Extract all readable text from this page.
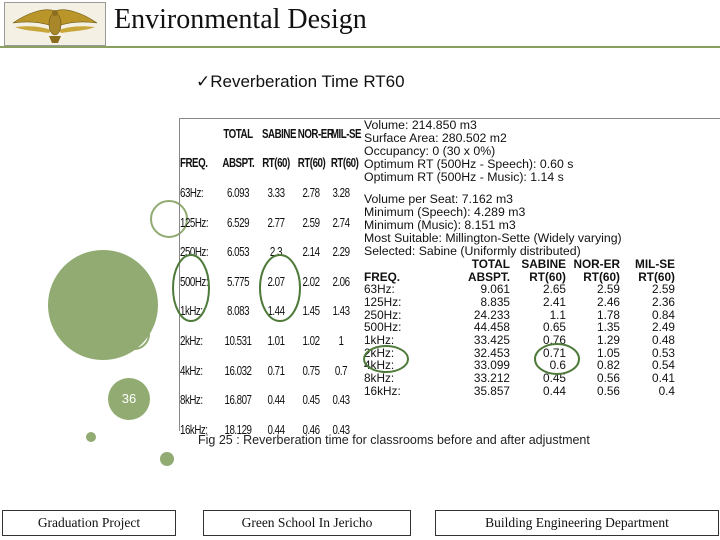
Environmental Design
✓Reverberation Time RT60
36
TOTAL SABINE NOR-ER
MIL-SE
FREQ. ABSPT. RT(60) RT(60) RT(60)
63Hz:	6.093	3.33	2.78	3.28
125Hz:	6.529	2.77	2.59	2.74
250Hz:	6.053	2.3	2.14	2.29
500Hz:	5.775	2.07	2.02	2.06
1kHz:	8.083	1.44	1.45	1.43
2kHz:	10.531	1.01	1.02	1
4kHz:	16.032	0.71	0.75	0.7
8kHz:	16.807	0.44	0.45	0.43
16kHz: 18.129	0.44	0.46	0.43
Volume: 214.850 m3
Surface Area: 280.502 m2
Occupancy: 0 (30 x 0%)
Optimum RT (500Hz - Speech): 0.60 s
Optimum RT (500Hz - Music): 1.14 s
Volume per Seat: 7.162 m3
Minimum (Speech): 4.289 m3
Minimum (Music): 8.151 m3
Most Suitable: Millington-Sette (Widely varying)
Selected: Sabine (Uniformly distributed)
TOTAL SABINE NOR-ER	MIL-SE
FREQ.	ABSPT.	RT(60)	RT(60)	RT(60)
63Hz:	9.061	2.65	2.59	2.59
125Hz:	8.835	2.41	2.46	2.36
250Hz:	24.233	1.1	1.78	0.84
500Hz:	44.458	0.65	1.35	2.49
1kHz:	33.425	0.76	1.29	0.48
2kHz:	32.453	0.71	1.05	0.53
4kHz:	33.099	0.6	0.82	0.54
8kHz:	33.212	0.45	0.56	0.41
16kHz:	35.857	0.44	0.56	0.4
Fig 25 : Reverberation time for classrooms before and after adjustment
Graduation Project	Green School In Jericho	Building Engineering Department
